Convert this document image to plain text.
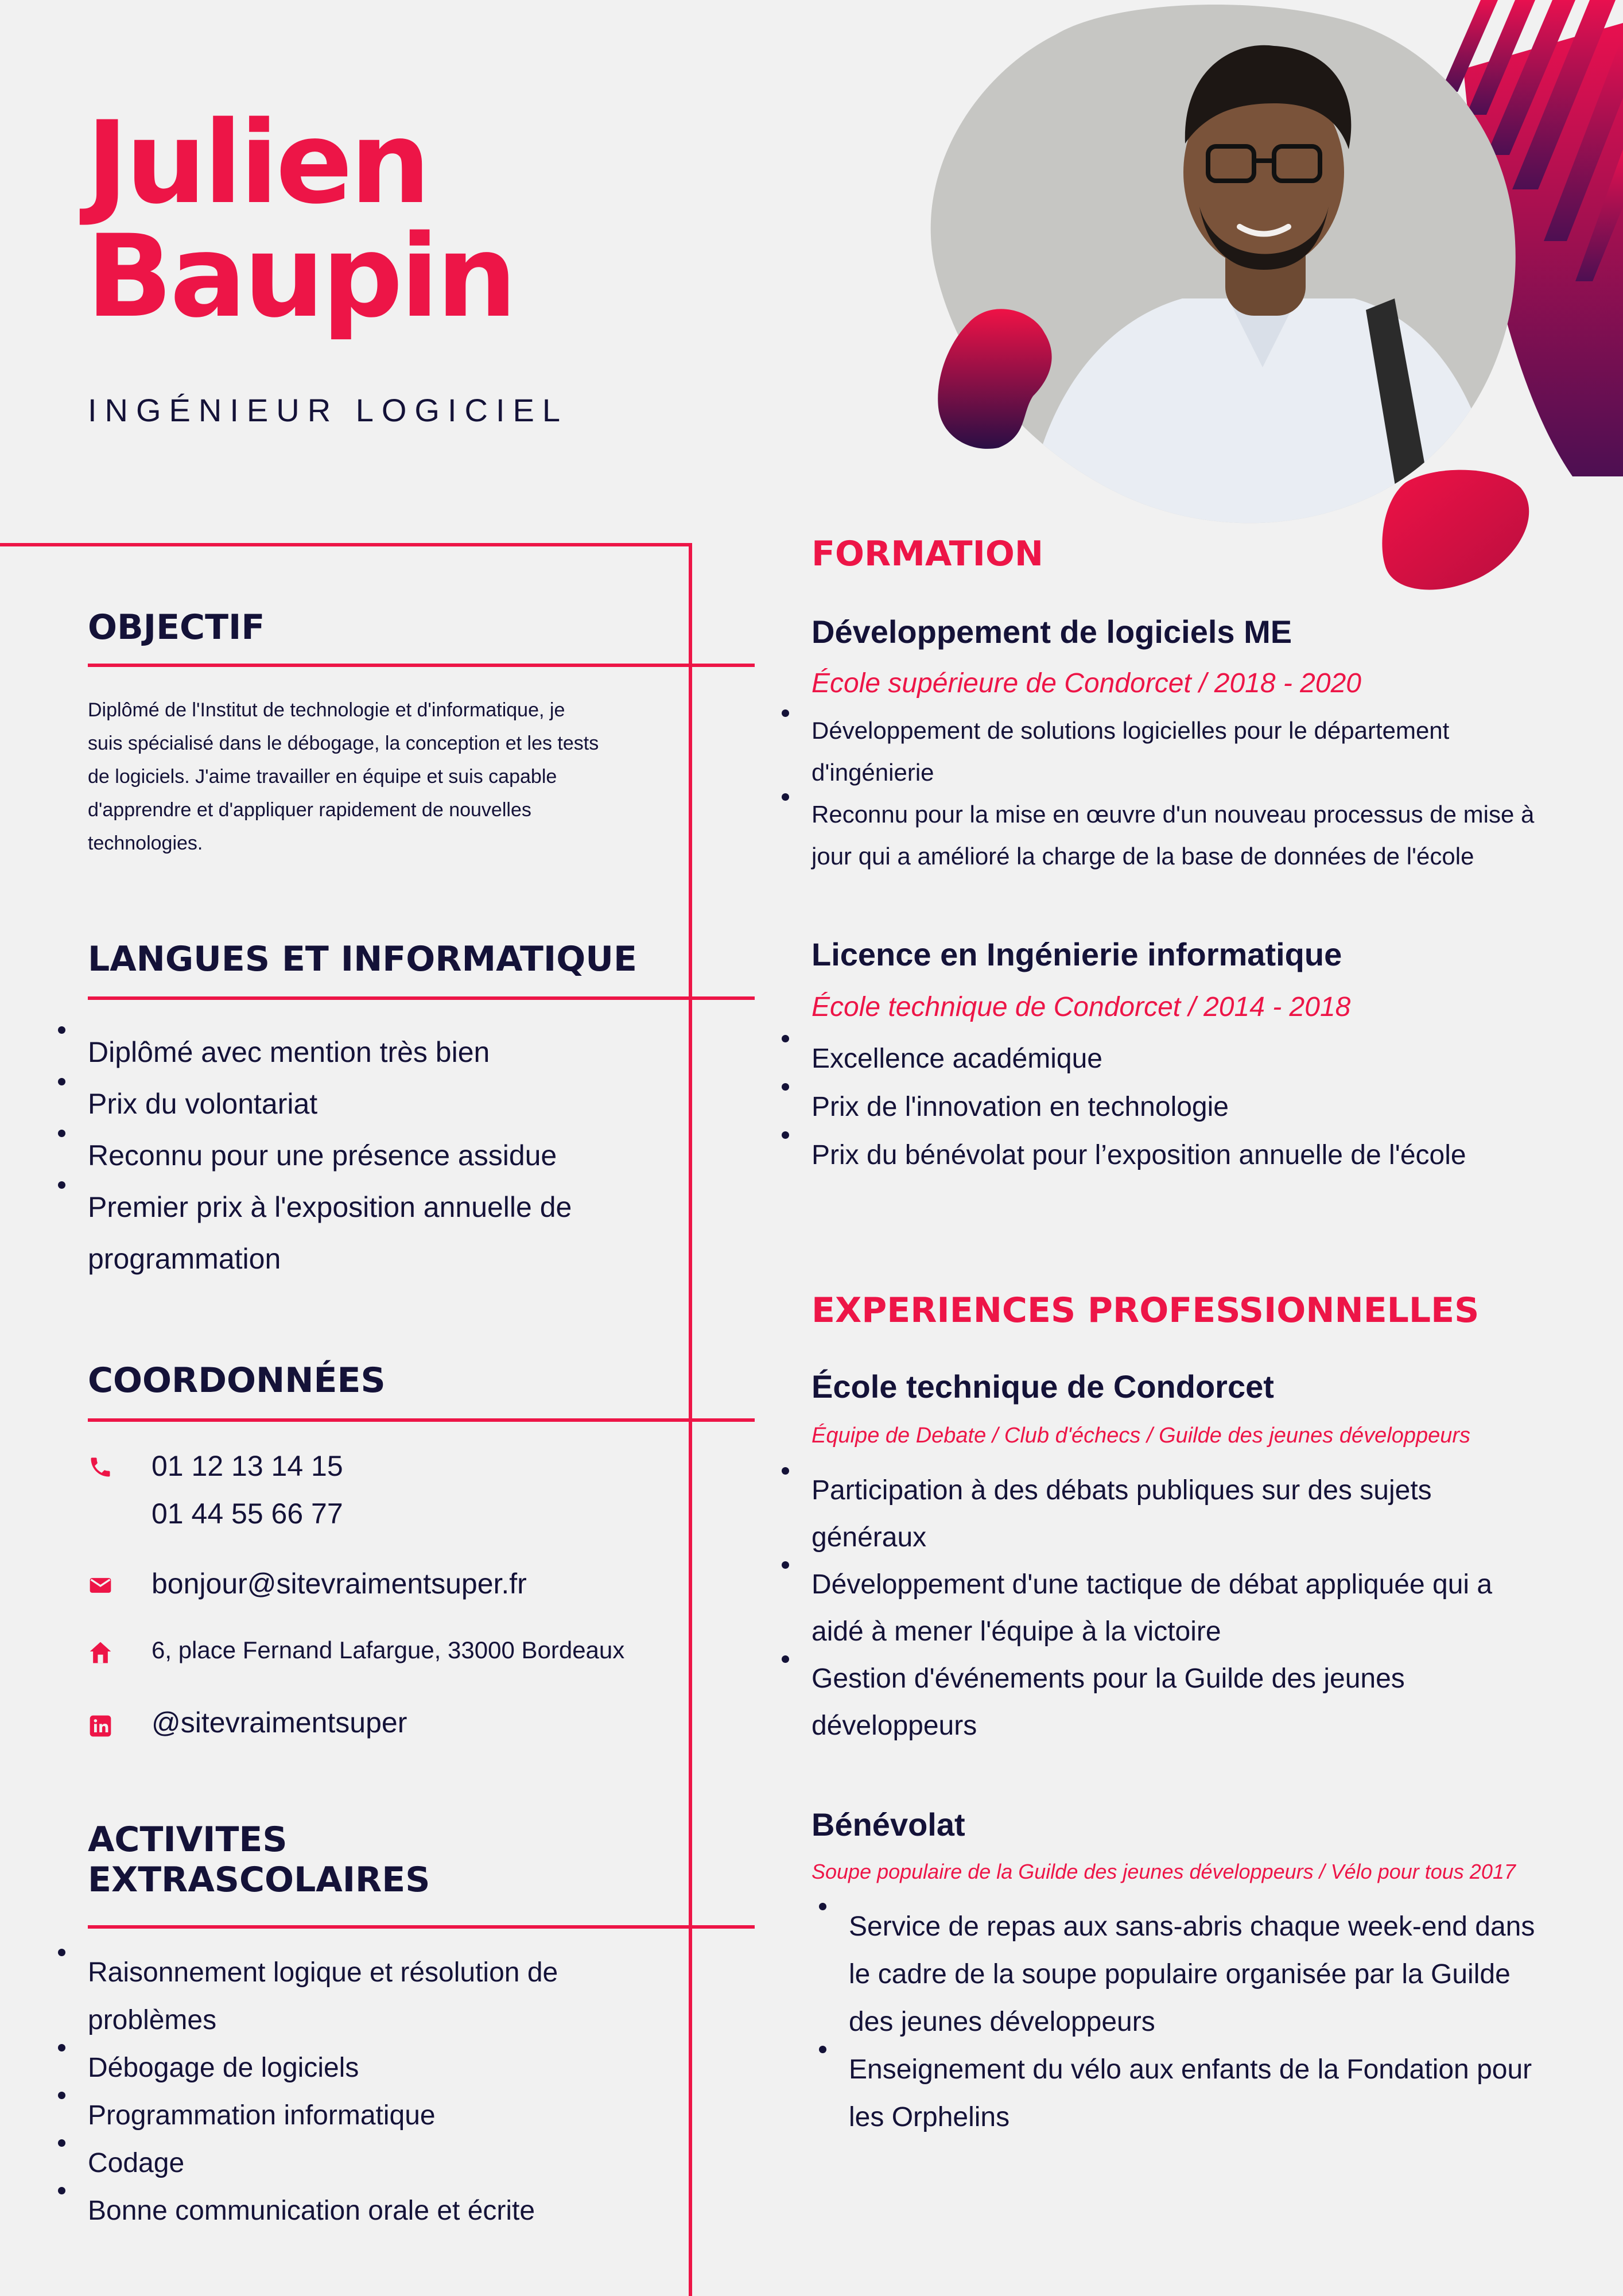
Julien
Baupin
INGÉNIEUR LOGICIEL
OBJECTIF
Diplômé de l'Institut de technologie et d'informatique, je
suis spécialisé dans le débogage, la conception et les tests
de logiciels. J'aime travailler en équipe et suis capable
d'apprendre et d'appliquer rapidement de nouvelles
technologies.
LANGUES ET INFORMATIQUE
Diplômé avec mention très bien
Prix du volontariat
Reconnu pour une présence assidue
Premier prix à l'exposition annuelle de programmation
COORDONNÉES
01 12 13 14 15
01 44 55 66 77
bonjour@sitevraimentsuper.fr
6, place Fernand Lafargue, 33000 Bordeaux
@sitevraimentsuper
ACTIVITES
EXTRASCOLAIRES
Raisonnement logique et résolution de problèmes
Débogage de logiciels
Programmation informatique
Codage
Bonne communication orale et écrite
FORMATION
Développement de logiciels ME
École supérieure de Condorcet / 2018 - 2020
Développement de solutions logicielles pour le département d'ingénierie
Reconnu pour la mise en œuvre d'un nouveau processus de mise à jour qui a amélioré la charge de la base de données de l'école
Licence en Ingénierie informatique
École technique de Condorcet / 2014 - 2018
Excellence académique
Prix de l'innovation en technologie
Prix du bénévolat pour l’exposition annuelle de l'école
EXPERIENCES PROFESSIONNELLES
École technique de Condorcet
Équipe de Debate / Club d'échecs / Guilde des jeunes développeurs
Participation à des débats publiques sur des sujets généraux
Développement d'une tactique de débat appliquée qui a aidé à mener l'équipe à la victoire
Gestion d'événements pour la Guilde des jeunes développeurs
Bénévolat
Soupe populaire de la Guilde des jeunes développeurs / Vélo pour tous 2017
Service de repas aux sans-abris chaque week-end dans le cadre de la soupe populaire organisée par la Guilde des jeunes développeurs
Enseignement du vélo aux enfants de la Fondation pour les Orphelins
